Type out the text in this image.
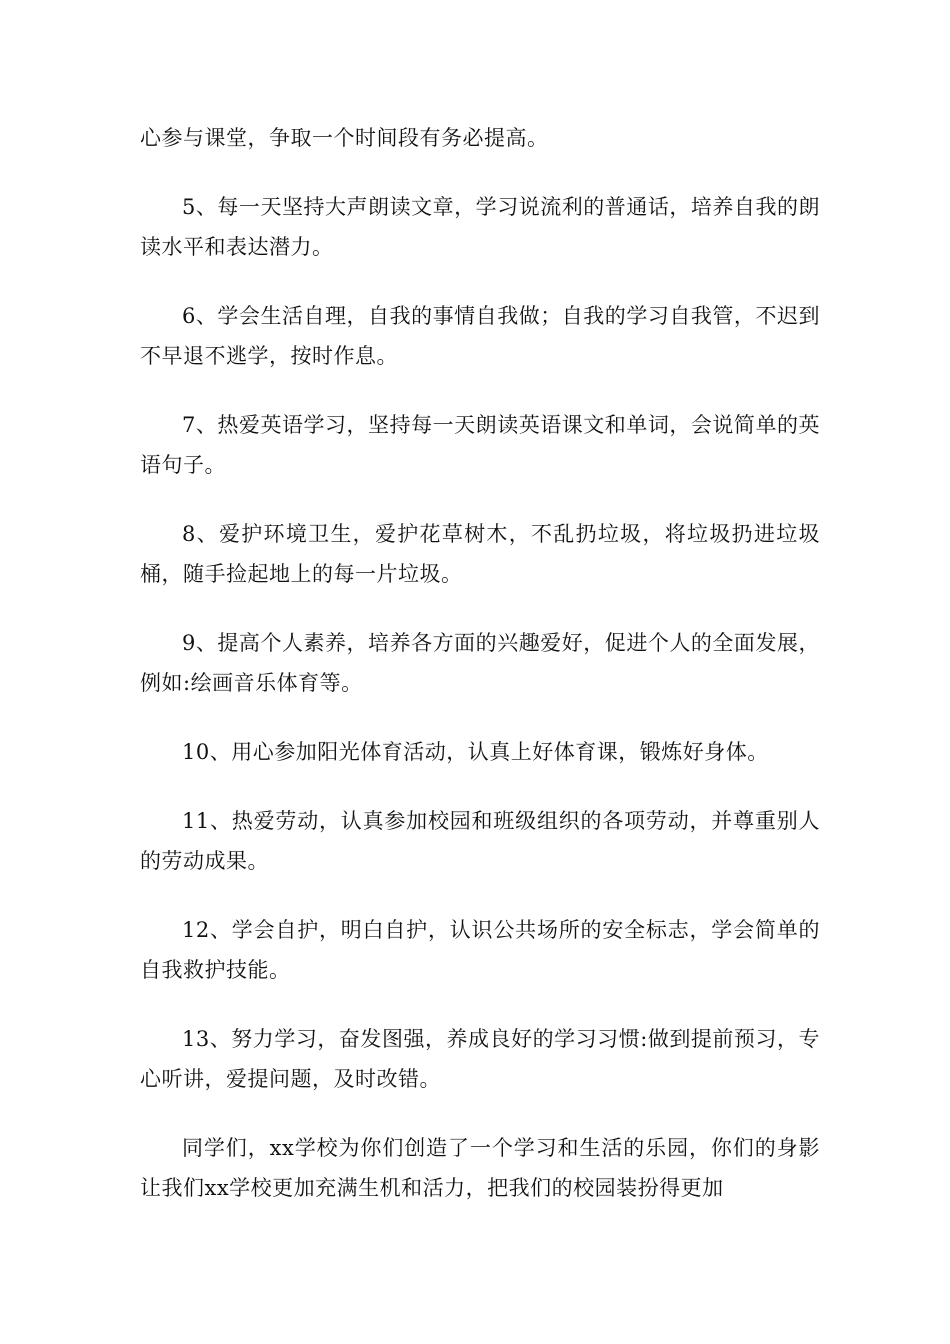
心参与课堂，争取一个时间段有务必提高。

5、每一天坚持大声朗读文章，学习说流利的普通话，培养自我的朗读水平和表达潜力。

6、学会生活自理，自我的事情自我做；自我的学习自我管，不迟到不早退不逃学，按时作息。

7、热爱英语学习，坚持每一天朗读英语课文和单词，会说简单的英语句子。

8、爱护环境卫生，爱护花草树木，不乱扔垃圾，将垃圾扔进垃圾桶，随手捡起地上的每一片垃圾。

9、提高个人素养，培养各方面的兴趣爱好，促进个人的全面发展，例如:绘画音乐体育等。

10、用心参加阳光体育活动，认真上好体育课，锻炼好身体。

11、热爱劳动，认真参加校园和班级组织的各项劳动，并尊重别人的劳动成果。

12、学会自护，明白自护，认识公共场所的安全标志，学会简单的自我救护技能。

13、努力学习，奋发图强，养成良好的学习习惯:做到提前预习，专心听讲，爱提问题，及时改错。

同学们，xx学校为你们创造了一个学习和生活的乐园，你们的身影让我们xx学校更加充满生机和活力，把我们的校园装扮得更加
